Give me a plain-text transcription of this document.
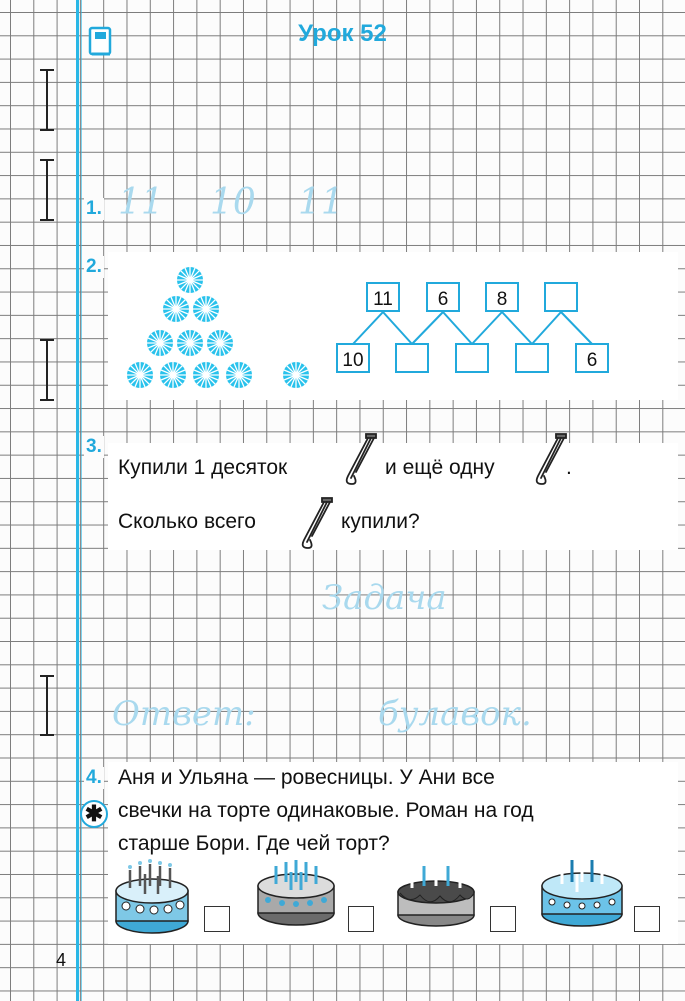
Урок 52
1. 11 10 11
2.
11 6	8
10	6
3.
Купили 1 десяток	и ещё одну	.
Сколько всего	купили?
Задача
Ответ:	булавок.
4.
✱
Аня и Ульяна — ровесницы. У Ани все
свечки на торте одинаковые. Роман на год
старше Бори. Где чей торт?
4
